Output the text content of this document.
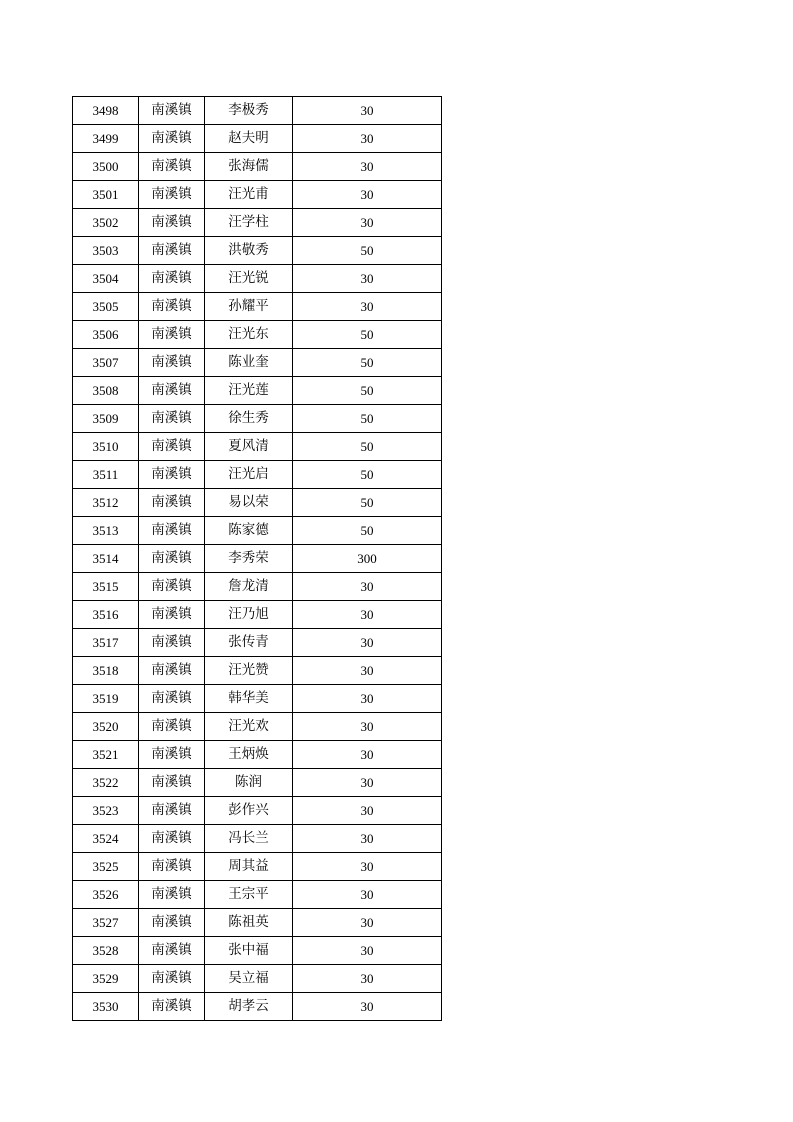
3498	南溪镇	李极秀	30
3499	南溪镇	赵夫明	30
3500	南溪镇	张海儒	30
3501	南溪镇	汪光甫	30
3502	南溪镇	汪学柱	30
3503	南溪镇	洪敬秀	50
3504	南溪镇	汪光锐	30
3505	南溪镇	孙耀平	30
3506	南溪镇	汪光东	50
3507	南溪镇	陈业奎	50
3508	南溪镇	汪光莲	50
3509	南溪镇	徐生秀	50
3510	南溪镇	夏风清	50
3511	南溪镇	汪光启	50
3512	南溪镇	易以荣	50
3513	南溪镇	陈家德	50
3514	南溪镇	李秀荣	300
3515	南溪镇	詹龙清	30
3516	南溪镇	汪乃旭	30
3517	南溪镇	张传青	30
3518	南溪镇	汪光赞	30
3519	南溪镇	韩华美	30
3520	南溪镇	汪光欢	30
3521	南溪镇	王炳焕	30
3522	南溪镇	陈润	30
3523	南溪镇	彭作兴	30
3524	南溪镇	冯长兰	30
3525	南溪镇	周其益	30
3526	南溪镇	王宗平	30
3527	南溪镇	陈祖英	30
3528	南溪镇	张中福	30
3529	南溪镇	吴立福	30
3530	南溪镇	胡孝云	30
